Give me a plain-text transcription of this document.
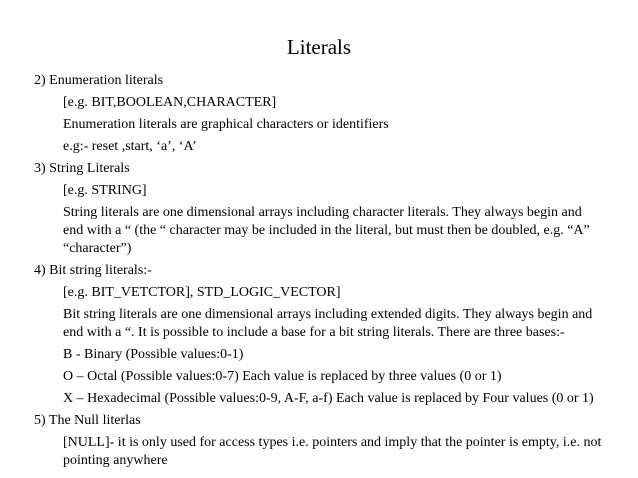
Literals
2) Enumeration literals
[e.g. BIT,BOOLEAN,CHARACTER]
Enumeration literals are graphical characters or identifiers
e.g:- reset ,start, ‘a’, ‘A’
3) String Literals
[e.g. STRING]
String literals are one dimensional arrays including character literals. They always begin and end with a “ (the “ character may be included in the literal, but must then be doubled, e.g. “A” “character”)
4) Bit string literals:-
[e.g. BIT_VETCTOR], STD_LOGIC_VECTOR]
Bit string literals are one dimensional arrays including extended digits. They always begin and end with a “. It is possible to include a base for a bit string literals. There are three bases:-
B - Binary (Possible values:0-1)
O – Octal (Possible values:0-7) Each value is replaced by three values (0 or 1)
X – Hexadecimal (Possible values:0-9, A-F, a-f) Each value is replaced by Four values (0 or 1)
5) The Null literlas
[NULL]- it is only used for access types i.e. pointers and imply that the pointer is empty, i.e. not pointing anywhere
